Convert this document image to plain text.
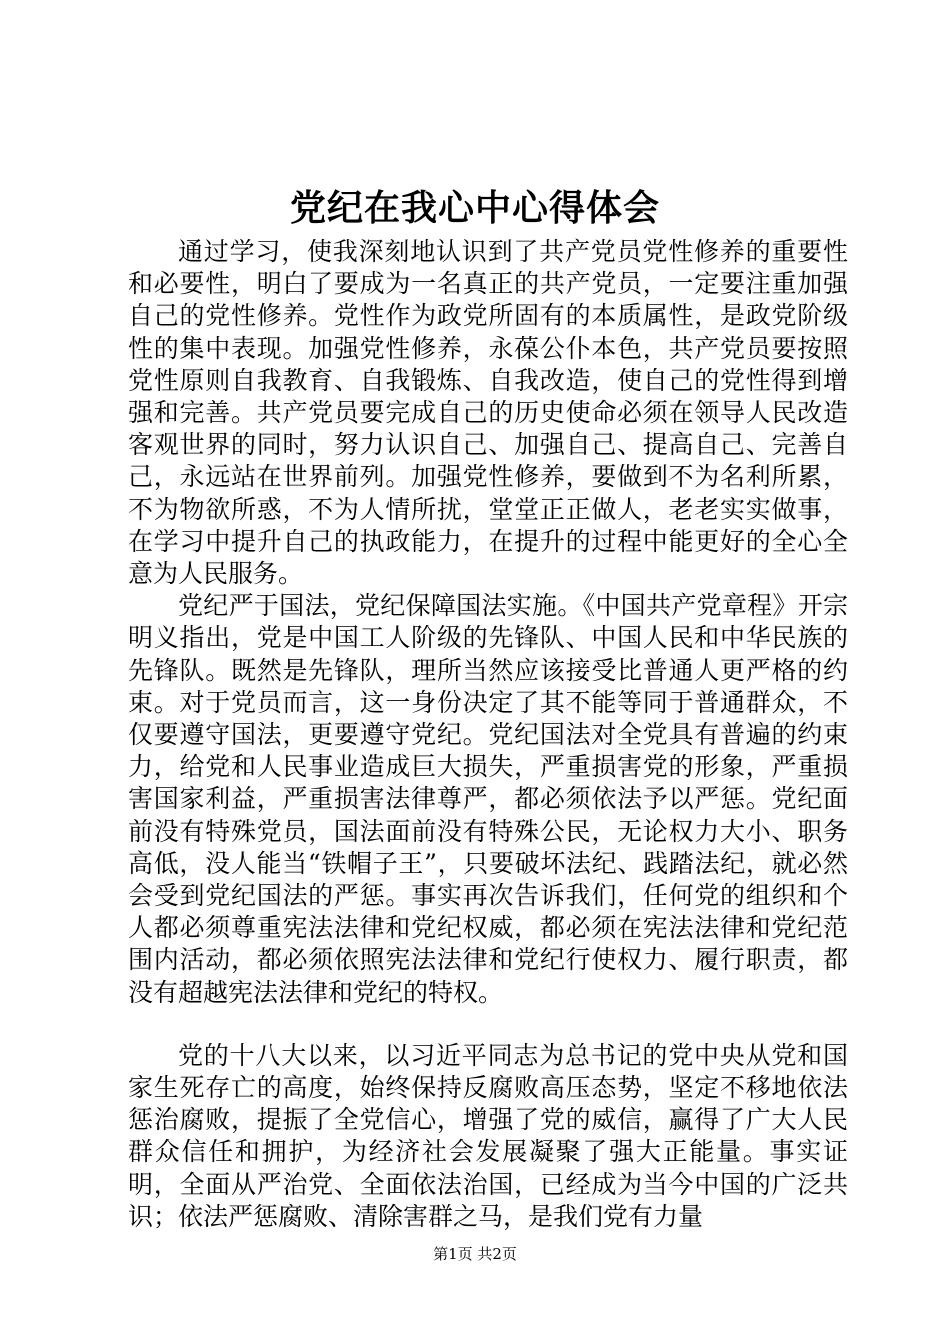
党纪在我心中心得体会

通过学习，使我深刻地认识到了共产党员党性修养的重要性和必要性，明白了要成为一名真正的共产党员，一定要注重加强自己的党性修养。党性作为政党所固有的本质属性，是政党阶级性的集中表现。加强党性修养，永葆公仆本色，共产党员要按照党性原则自我教育、自我锻炼、自我改造，使自己的党性得到增强和完善。共产党员要完成自己的历史使命必须在领导人民改造客观世界的同时，努力认识自己、加强自己、提高自己、完善自己，永远站在世界前列。加强党性修养，要做到不为名利所累，不为物欲所惑，不为人情所扰，堂堂正正做人，老老实实做事，在学习中提升自己的执政能力，在提升的过程中能更好的全心全意为人民服务。

党纪严于国法，党纪保障国法实施。《中国共产党章程》开宗明义指出，党是中国工人阶级的先锋队、中国人民和中华民族的先锋队。既然是先锋队，理所当然应该接受比普通人更严格的约束。对于党员而言，这一身份决定了其不能等同于普通群众，不仅要遵守国法，更要遵守党纪。党纪国法对全党具有普遍的约束力，给党和人民事业造成巨大损失，严重损害党的形象，严重损害国家利益，严重损害法律尊严，都必须依法予以严惩。党纪面前没有特殊党员，国法面前没有特殊公民，无论权力大小、职务高低，没人能当“铁帽子王”，只要破坏法纪、践踏法纪，就必然会受到党纪国法的严惩。事实再次告诉我们，任何党的组织和个人都必须尊重宪法法律和党纪权威，都必须在宪法法律和党纪范围内活动，都必须依照宪法法律和党纪行使权力、履行职责，都没有超越宪法法律和党纪的特权。

党的十八大以来，以习近平同志为总书记的党中央从党和国家生死存亡的高度，始终保持反腐败高压态势，坚定不移地依法惩治腐败，提振了全党信心，增强了党的威信，赢得了广大人民群众信任和拥护，为经济社会发展凝聚了强大正能量。事实证明，全面从严治党、全面依法治国，已经成为当今中国的广泛共识；依法严惩腐败、清除害群之马，是我们党有力量

第1页 共2页
